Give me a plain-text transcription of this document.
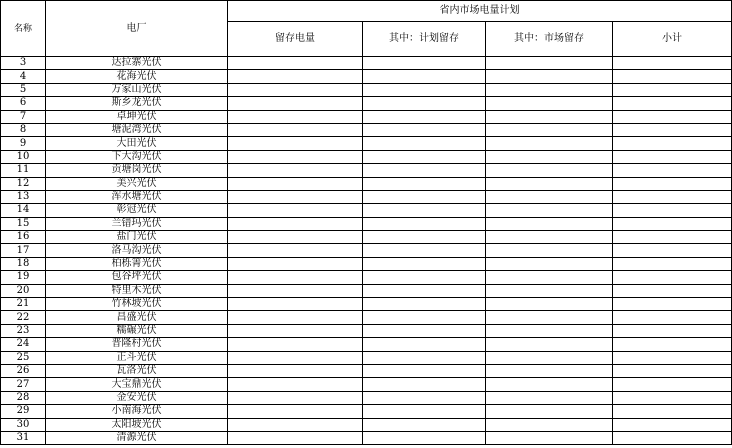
名称	电厂	省内市场电量计划			
		留存电量	其中：计划留存	其中：市场留存	小计
3	达拉寨光伏				
4	花海光伏				
5	万家山光伏				
6	斯乡龙光伏				
7	卓坤光伏				
8	塘泥湾光伏				
9	大田光伏				
10	下大沟光伏				
11	贡塘岗光伏				
12	美兴光伏				
13	浑水塘光伏				
14	彰冠光伏				
15	兰错玛光伏				
16	盐门光伏				
17	洛马沟光伏				
18	柏栎箐光伏				
19	包谷坪光伏				
20	特里木光伏				
21	竹林坡光伏				
22	昌盛光伏				
23	糯碾光伏				
24	普隆村光伏				
25	正斗光伏				
26	瓦洛光伏				
27	大宝鼎光伏				
28	金安光伏				
29	小南海光伏				
30	太阳坡光伏				
31	清源光伏				
